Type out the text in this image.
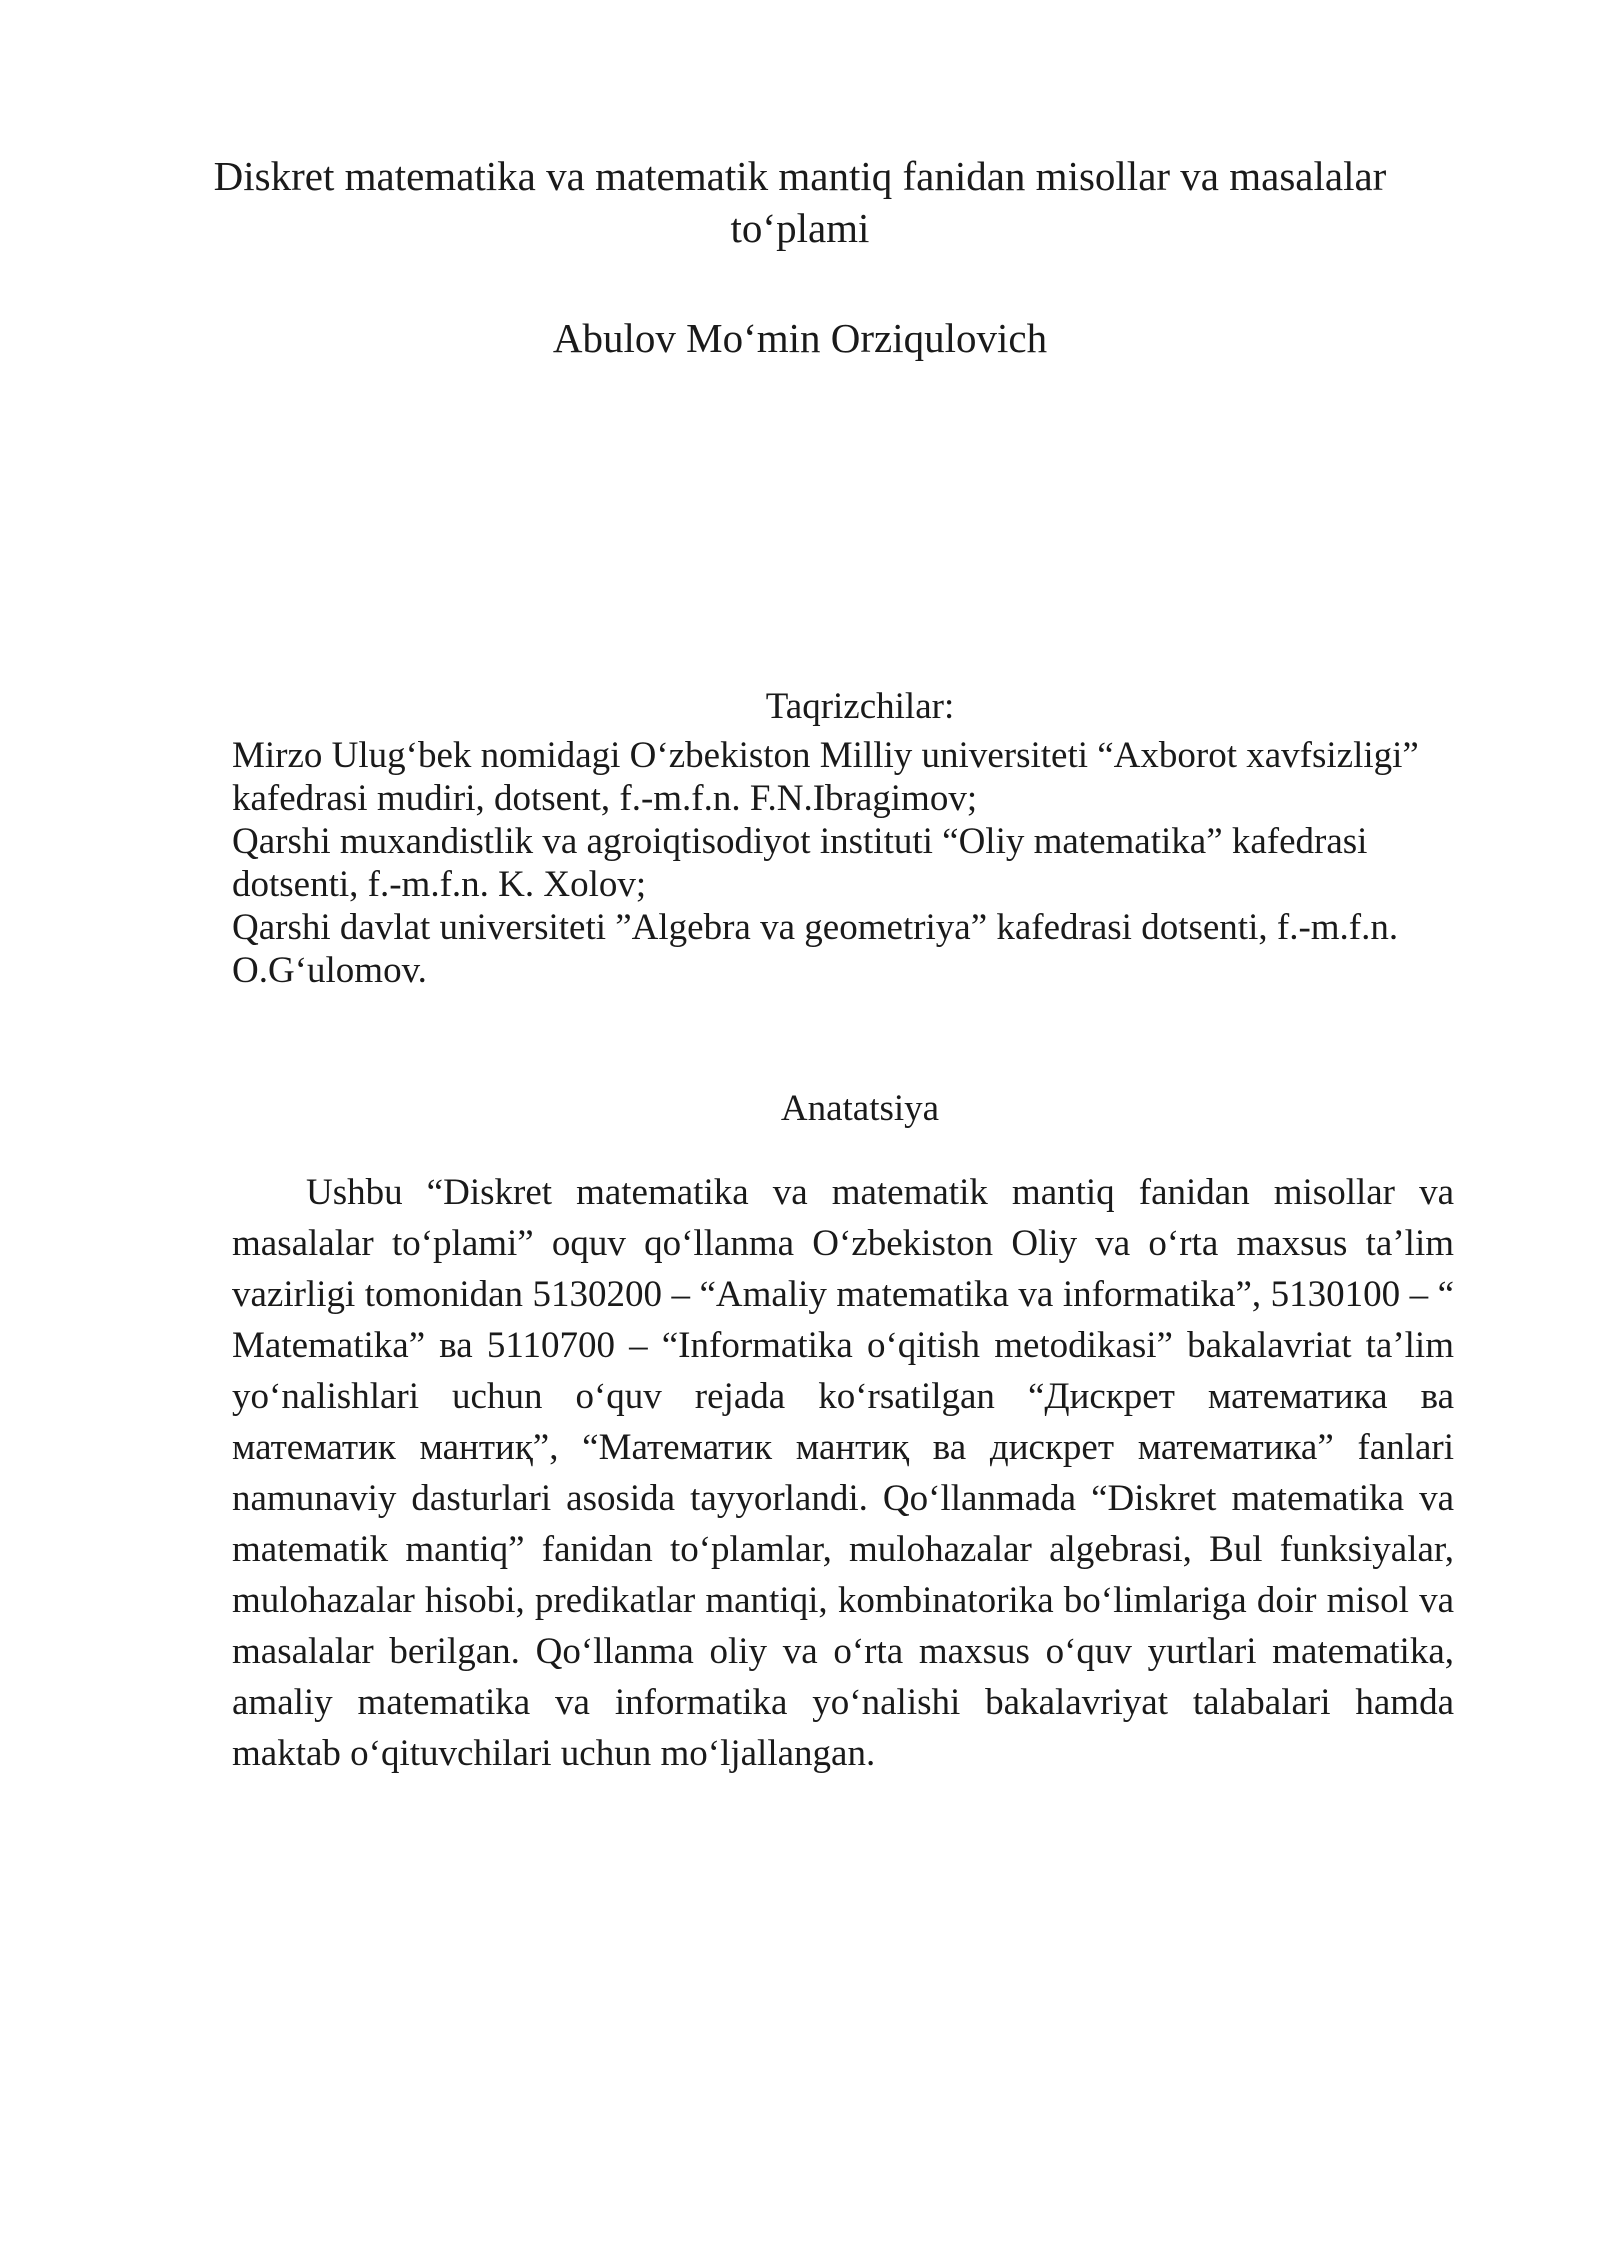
Diskret matematika va matematik mantiq fanidan misollar va masalalar to‘plami

Abulov Mo‘min Orziqulovich

Taqrizchilar:

Mirzo Ulug‘bek nomidagi O‘zbekiston Milliy universiteti “Axborot xavfsizligi” kafedrasi mudiri, dotsent, f.-m.f.n. F.N.Ibragimov;
Qarshi muxandistlik va agroiqtisodiyot instituti “Oliy matematika” kafedrasi dotsenti, f.-m.f.n. K. Xolov;
Qarshi davlat universiteti ”Algebra va geometriya” kafedrasi dotsenti, f.-m.f.n. O.G‘ulomov.

Anatatsiya

Ushbu “Diskret matematika va matematik mantiq fanidan misollar va masalalar to‘plami” oquv qo‘llanma O‘zbekiston Oliy va o‘rta maxsus ta’lim vazirligi tomonidan 5130200 – “Amaliy matematika va informatika”, 5130100 – “ Matematika” ва 5110700 – “Informatika o‘qitish metodikasi” bakalavriat ta’lim yo‘nalishlari uchun o‘quv rejada ko‘rsatilgan “Дискрет математика ва математик мантиқ”, “Математик мантиқ ва дискрет математика” fanlari namunaviy dasturlari asosida tayyorlandi. Qo‘llanmada “Diskret matematika va matematik mantiq” fanidan to‘plamlar, mulohazalar algebrasi, Bul funksiyalar, mulohazalar hisobi, predikatlar mantiqi, kombinatorika bo‘limlariga doir misol va masalalar berilgan. Qo‘llanma oliy va o‘rta maxsus o‘quv yurtlari matematika, amaliy matematika va informatika yo‘nalishi bakalavriyat talabalari hamda maktab o‘qituvchilari uchun mo‘ljallangan.
